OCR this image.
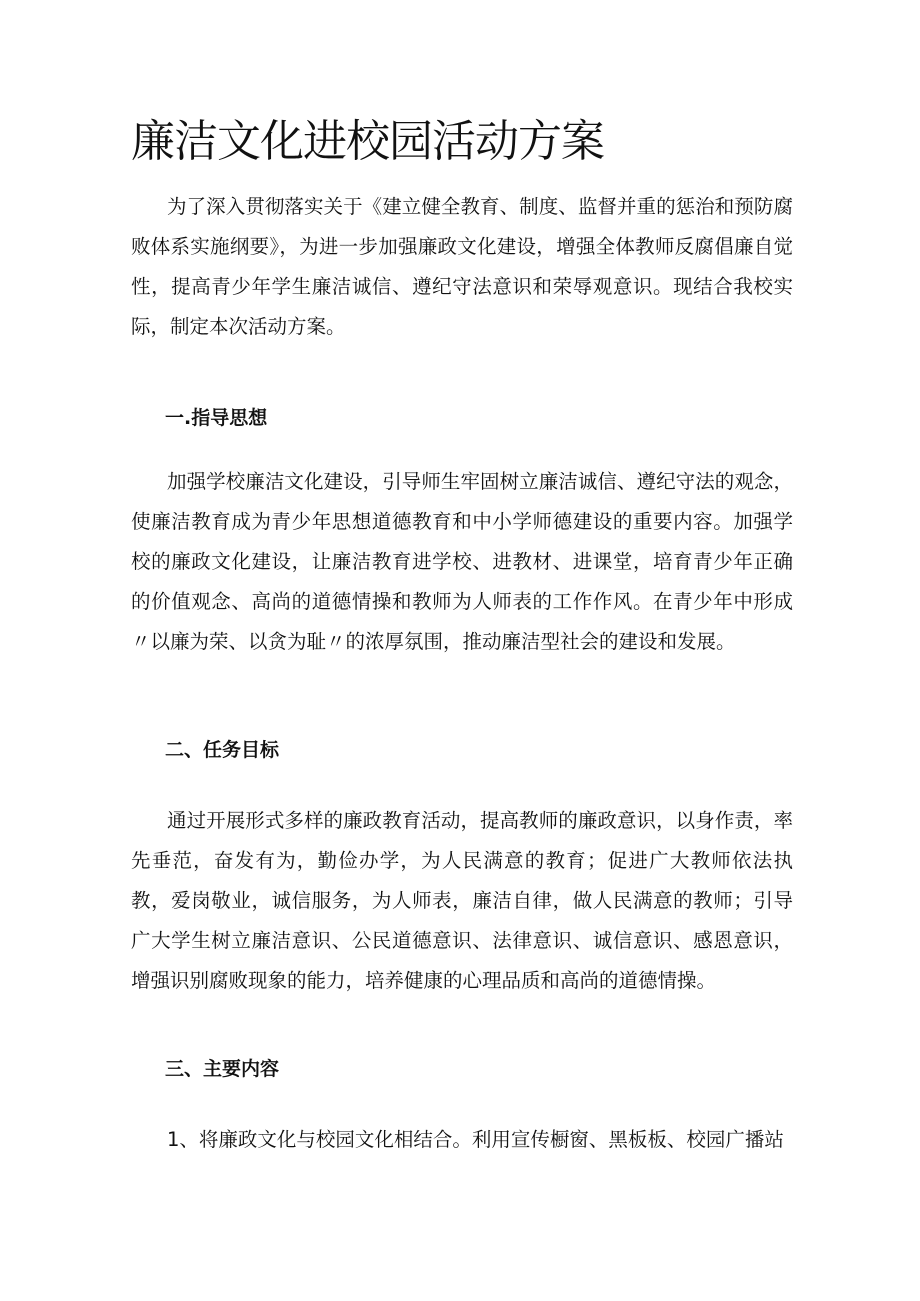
廉洁文化进校园活动方案

为了深入贯彻落实关于《建立健全教育、制度、监督并重的惩治和预防腐败体系实施纲要》，为进一步加强廉政文化建设，增强全体教师反腐倡廉自觉性，提高青少年学生廉洁诚信、遵纪守法意识和荣辱观意识。现结合我校实际，制定本次活动方案。

一.指导思想

加强学校廉洁文化建设，引导师生牢固树立廉洁诚信、遵纪守法的观念，使廉洁教育成为青少年思想道德教育和中小学师德建设的重要内容。加强学校的廉政文化建设，让廉洁教育进学校、进教材、进课堂，培育青少年正确的价值观念、高尚的道德情操和教师为人师表的工作作风。在青少年中形成〃以廉为荣、以贪为耻〃的浓厚氛围，推动廉洁型社会的建设和发展。

二、任务目标

通过开展形式多样的廉政教育活动，提高教师的廉政意识，以身作责，率先垂范，奋发有为，勤俭办学，为人民满意的教育；促进广大教师依法执教，爱岗敬业，诚信服务，为人师表，廉洁自律，做人民满意的教师；引导广大学生树立廉洁意识、公民道德意识、法律意识、诚信意识、感恩意识，增强识别腐败现象的能力，培养健康的心理品质和高尚的道德情操。

三、主要内容

1、将廉政文化与校园文化相结合。利用宣传橱窗、黑板板、校园广播站
